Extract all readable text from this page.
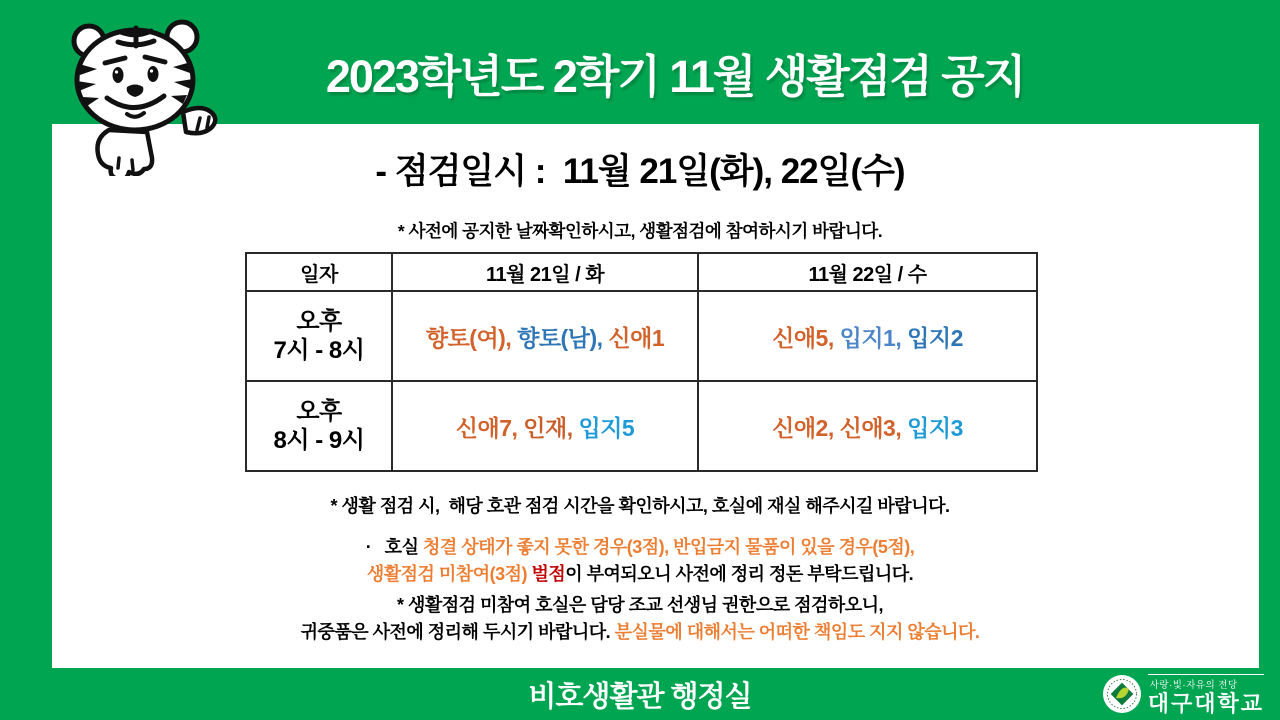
2023학년도 2학기 11월 생활점검 공지
- 점검일시 :  11월 21일(화), 22일(수)
* 사전에 공지한 날짜확인하시고, 생활점검에 참여하시기 바랍니다.
일자	11월 21일 / 화	11월 22일 / 수

오후
7시 - 8시	향토(여), 향토(남), 신애1	신애5, 입지1, 입지2

오후
8시 - 9시	신애7, 인재, 입지5	신애2, 신애3, 입지3
* 생활 점검 시,  해당 호관 점검 시간을 확인하시고, 호실에 재실 해주시길 바랍니다.
·   호실 청결 상태가 좋지 못한 경우(3점), 반입금지 물품이 있을 경우(5점),
생활점검 미참여(3점) 벌점이 부여되오니 사전에 정리 정돈 부탁드립니다.
* 생활점검 미참여 호실은 담당 조교 선생님 권한으로 점검하오니,
귀중품은 사전에 정리해 두시기 바랍니다. 분실물에 대해서는 어떠한 책임도 지지 않습니다.
비호생활관 행정실	사랑·빛·자유의 전당
대구대학교
